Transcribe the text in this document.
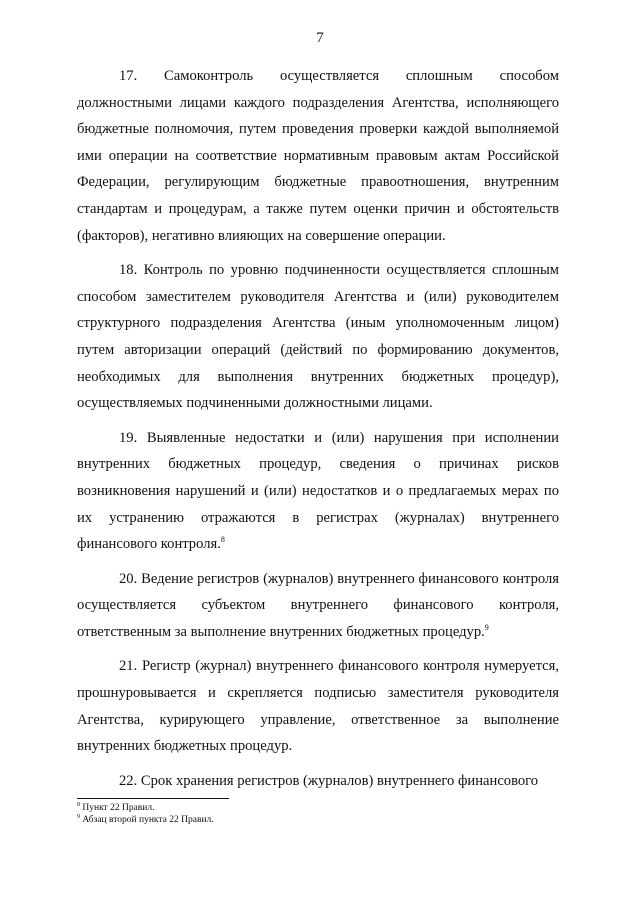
7

17. Самоконтроль осуществляется сплошным способом должностными лицами каждого подразделения Агентства, исполняющего бюджетные полномочия, путем проведения проверки каждой выполняемой ими операции на соответствие нормативным правовым актам Российской Федерации, регулирующим бюджетные правоотношения, внутренним стандартам и процедурам, а также путем оценки причин и обстоятельств (факторов), негативно влияющих на совершение операции.

18. Контроль по уровню подчиненности осуществляется сплошным способом заместителем руководителя Агентства и (или) руководителем структурного подразделения Агентства (иным уполномоченным лицом) путем авторизации операций (действий по формированию документов, необходимых для выполнения внутренних бюджетных процедур), осуществляемых подчиненными должностными лицами.

19. Выявленные недостатки и (или) нарушения при исполнении внутренних бюджетных процедур, сведения о причинах рисков возникновения нарушений и (или) недостатков и о предлагаемых мерах по их устранению отражаются в регистрах (журналах) внутреннего финансового контроля.$^8$

20. Ведение регистров (журналов) внутреннего финансового контроля осуществляется субъектом внутреннего финансового контроля, ответственным за выполнение внутренних бюджетных процедур.$^9$

21. Регистр (журнал) внутреннего финансового контроля нумеруется, прошнуровывается и скрепляется подписью заместителя руководителя Агентства, курирующего управление, ответственное за выполнение внутренних бюджетных процедур.

22. Срок хранения регистров (журналов) внутреннего финансового

$^8$ Пункт 22 Правил.
$^9$ Абзац второй пункта 22 Правил.
